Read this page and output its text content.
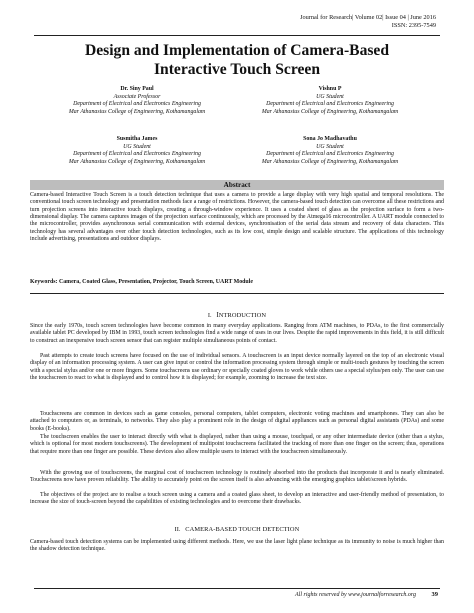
Journal for Research| Volume 02| Issue 04 | June 2016
ISSN: 2395-7549
Design and Implementation of Camera-Based
Interactive Touch Screen
Dr. Siny Paul
Associate Professor
Department of Electrical and Electronics Engineering
Mar Athanasius College of Engineering, Kothamangalam
Vishnu P
UG Student
Department of Electrical and Electronics Engineering
Mar Athanasius College of Engineering, Kothamangalam
Susmitha James
UG Student
Department of Electrical and Electronics Engineering
Mar Athanasius College of Engineering, Kothamangalam
Sona Jo Madhavathu
UG Student
Department of Electrical and Electronics Engineering
Mar Athanasius College of Engineering, Kothamangalam
Abstract

Camera-based Interactive Touch Screen is a touch detection technique that uses a camera to provide a large display with very high spatial and temporal resolutions. The conventional touch screen technology and presentation methods face a range of restrictions. However, the camera-based touch detection can overcome all these restrictions and turn projection screens into interactive touch displays, creating a through-window experience. It uses a coated sheet of glass as the projection surface to form a two-dimensional display. The camera captures images of the projection surface continuously, which are processed by the Atmega16 microcontroller. A UART module connected to the microcontroller, provides asynchronous serial communication with external devices, synchronisation of the serial data stream and recovery of data characters. This technology has several advantages over other touch detection technologies, such as its low cost, simple design and scalable structure. The applications of this technology include advertising, presentations and outdoor displays.

Keywords: Camera, Coated Glass, Presentation, Projector, Touch Screen, UART Module

I. INTRODUCTION

Since the early 1970s, touch screen technologies have become common in many everyday applications. Ranging from ATM machines, to PDAs, to the first commercially available tablet PC developed by IBM in 1993, touch screen technologies find a wide range of uses in our lives. Despite the rapid improvements in this field, it is still difficult to construct an inexpensive touch screen sensor that can register multiple simultaneous points of contact.

Past attempts to create touch screens have focused on the use of individual sensors. A touchscreen is an input device normally layered on the top of an electronic visual display of an information processing system. A user can give input or control the information processing system through simple or multi-touch gestures by touching the screen with a special stylus and/or one or more fingers. Some touchscreens use ordinary or specially coated gloves to work while others use a special stylus/pen only. The user can use the touchscreen to react to what is displayed and to control how it is displayed; for example, zooming to increase the text size.

Touchscreens are common in devices such as game consoles, personal computers, tablet computers, electronic voting machines and smartphones. They can also be attached to computers or, as terminals, to networks. They also play a prominent role in the design of digital appliances such as personal digital assistants (PDAs) and some books (E-books).

The touchscreen enables the user to interact directly with what is displayed, rather than using a mouse, touchpad, or any other intermediate device (other than a stylus, which is optional for most modern touchscreens). The development of multipoint touchscreens facilitated the tracking of more than one finger on the screen; thus, operations that require more than one finger are possible. These devices also allow multiple users to interact with the touchscreen simultaneously.

With the growing use of touchscreens, the marginal cost of touchscreen technology is routinely absorbed into the products that incorporate it and is nearly eliminated. Touchscreens now have proven reliability. The ability to accurately point on the screen itself is also advancing with the emerging graphics tablet/screen hybrids.

The objectives of the project are to realise a touch screen using a camera and a coated glass sheet, to develop an interactive and user-friendly method of presentation, to increase the size of touch-screen beyond the capabilities of existing technologies and to overcome their drawbacks.

II. CAMERA-BASED TOUCH DETECTION

Camera-based touch detection systems can be implemented using different methods. Here, we use the laser light plane technique as its immunity to noise is much higher than the shadow detection technique.

All rights reserved by www.journalforresearch.org 39
